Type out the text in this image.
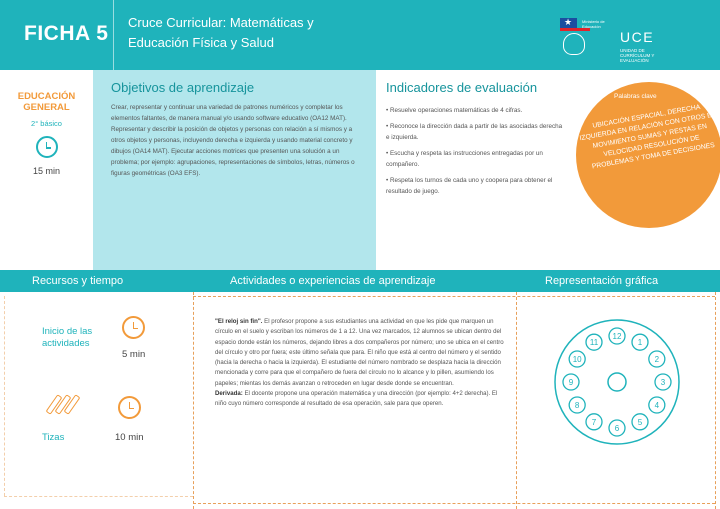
FICHA 5 Cruce Curricular: Matemáticas y
Educación Física y Salud
★ Ministerio de Educación
UCE
UNIDAD DE CURRÍCULUM Y EVALUACIÓN
EDUCACIÓN
GENERAL
2° básico
15 min
Objetivos de aprendizaje

Crear, representar y continuar una variedad de patrones numéricos y completar los elementos faltantes, de manera manual y/o usando software educativo (OA12 MAT). Representar y describir la posición de objetos y personas con relación a sí mismos y a otros objetos y personas, incluyendo derecha e izquierda y usando material concreto y dibujos (OA14 MAT). Ejecutar acciones motrices que presenten una solución a un problema; por ejemplo: agrupaciones, representaciones de símbolos, letras, números o figuras geométricas (OA3 EFS).

Indicadores de evaluación

• Resuelve operaciones matemáticas de 4 cifras.

• Reconoce la dirección dada a partir de las asociadas derecha e izquierda.

• Escucha y respeta las instrucciones entregadas por un compañero.

• Respeta los turnos de cada uno y coopera para obtener el resultado de juego.

Palabras clave
UBICACIÓN ESPACIAL, DERECHA IZQUIERDA EN RELACIÓN CON OTROS EN MOVIMIENTO SUMAS Y RESTAS EN VELOCIDAD RESOLUCIÓN DE PROBLEMAS Y TOMA DE DECISIONES
Recursos y tiempo	Actividades o experiencias de aprendizaje	Representación gráfica
Inicio de las actividades
5 min
Tizas	10 min
"El reloj sin fin". El profesor propone a sus estudiantes una actividad en que les pide que marquen un círculo en el suelo y escriban los números de 1 a 12. Una vez marcados, 12 alumnos se ubican dentro del espacio donde están los números, dejando libres a dos compañeros por número; uno se ubica en el centro del círculo y otro por fuera; este último señala que para. El niño que está al centro del número y el sentido (hacia la derecha o hacia la izquierda). El estudiante del número nombrado se desplaza hacia la dirección mencionada y corre para que el compañero de fuera del círculo no lo alcance y lo pillen, asumiendo los papeles; mientas los demás avanzan o retroceden en lugar desde donde se encuentran.
Derivada: El docente propone una operación matemática y una dirección (por ejemplo: 4+2 derecha). El niño cuyo número corresponde al resultado de esa operación, sale para que operen.
1
2
3
4
5
6
7
8
9
10
11
12
